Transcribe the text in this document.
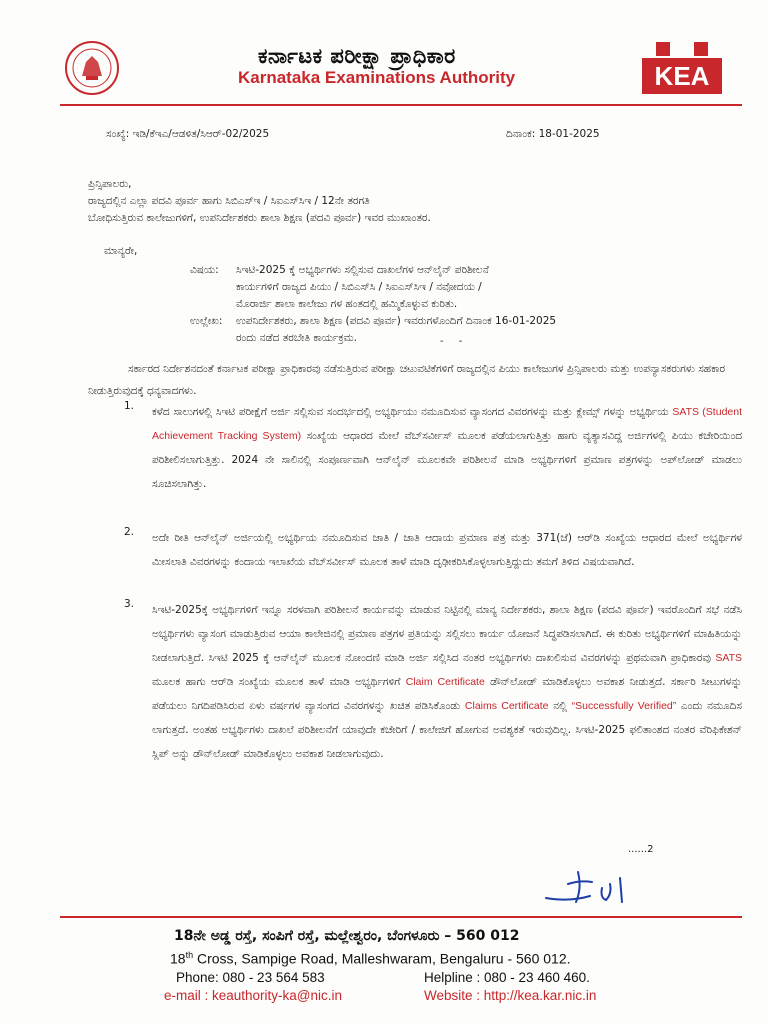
ಕರ್ನಾಟಕ ಪರೀಕ್ಷಾ ಪ್ರಾಧಿಕಾರ
Karnataka Examinations Authority	KEA
ಸಂಖ್ಯೆ: ಇಡಿ/ಕೆಇಎ/ಆಡಳಿತ/ಸಿಆರ್-02/2025	ದಿನಾಂಕ: 18-01-2025
ಪ್ರಿನ್ಸಿಪಾಲರು,
ರಾಜ್ಯದಲ್ಲಿನ ಎಲ್ಲಾ ಪದವಿ ಪೂರ್ವ ಹಾಗು ಸಿಬಿಎಸ್‌ಇ / ಸಿಐಎಸ್‌ಸಿಇ / 12ನೇ ತರಗತಿ
ಬೋಧಿಸುತ್ತಿರುವ ಕಾಲೇಜುಗಳಿಗೆ, ಉಪನಿರ್ದೇಶಕರು ಶಾಲಾ ಶಿಕ್ಷಣ (ಪದವಿ ಪೂರ್ವ) ಇವರ ಮುಖಾಂತರ.
ಮಾನ್ಯರೇ,
ವಿಷಯ: ಸಿಇಟಿ-2025 ಕ್ಕೆ ಅಭ್ಯರ್ಥಿಗಳು ಸಲ್ಲಿಸುವ ದಾಖಲೆಗಳ ಆನ್‌ಲೈನ್ ಪರಿಶೀಲನೆ
ಕಾರ್ಯಗಳಿಗೆ ರಾಜ್ಯದ ಪಿಯು / ಸಿಬಿಎಸ್‌ಸಿ / ಸಿಐಎಸ್‌ಸಿಇ / ನವೋದಯ /
ಮೊರಾರ್ಜಿ ಶಾಲಾ ಕಾಲೇಜು ಗಳ ಹಂತದಲ್ಲಿ ಹಮ್ಮಿಕೊಳ್ಳುವ ಕುರಿತು.
ಉಲ್ಲೇಖ: ಉಪನಿರ್ದೇಶಕರು, ಶಾಲಾ ಶಿಕ್ಷಣ (ಪದವಿ ಪೂರ್ವ) ಇವರುಗಳೊಂದಿಗೆ ದಿನಾಂಕ 16-01-2025
ರಂದು ನಡೆದ ತರಬೇತಿ ಕಾರ್ಯಕ್ರಮ.	- -
ಸರ್ಕಾರದ ನಿರ್ದೇಶನದಂತೆ ಕರ್ನಾಟಕ ಪರೀಕ್ಷಾ ಪ್ರಾಧಿಕಾರವು ನಡೆಸುತ್ತಿರುವ ಪರೀಕ್ಷಾ ಚಟುವಟಿಕೆಗಳಿಗೆ ರಾಜ್ಯದಲ್ಲಿನ ಪಿಯು ಕಾಲೇಜುಗಳ ಪ್ರಿನ್ಸಿಪಾಲರು ಮತ್ತು ಉಪನ್ಯಾಸಕರುಗಳು ಸಹಕಾರ ನೀಡುತ್ತಿರುವುದಕ್ಕೆ ಧನ್ಯವಾದಗಳು.
1. ಕಳೆದ ಸಾಲುಗಳಲ್ಲಿ ಸಿಇಟಿ ಪರೀಕ್ಷೆಗೆ ಅರ್ಜಿ ಸಲ್ಲಿಸುವ ಸಂದರ್ಭದಲ್ಲಿ ಅಭ್ಯರ್ಥಿಯು ನಮೂದಿಸುವ ವ್ಯಾಸಂಗದ ವಿವರಗಳನ್ನು ಮತ್ತು ಕ್ಲೇಮ್ಸ್ ಗಳನ್ನು ಅಭ್ಯರ್ಥಿಯ SATS (Student Achievement Tracking System) ಸಂಖ್ಯೆಯ ಆಧಾರದ ಮೇಲೆ ವೆಬ್‌ಸರ್ವೀಸ್ ಮೂಲಕ ಪಡೆಯಲಾಗುತ್ತಿತ್ತು ಹಾಗು ವ್ಯತ್ಯಾಸವಿದ್ದ ಅರ್ಜಿಗಳಲ್ಲಿ ಪಿಯು ಕಚೇರಿಯಿಂದ ಪರಿಶೀಲಿಸಲಾಗುತ್ತಿತ್ತು. 2024 ನೇ ಸಾಲಿನಲ್ಲಿ ಸಂಪೂರ್ಣವಾಗಿ ಆನ್‌ಲೈನ್ ಮೂಲಕವೇ ಪರಿಶೀಲನೆ ಮಾಡಿ ಅಭ್ಯರ್ಥಿಗಳಿಗೆ ಪ್ರಮಾಣ ಪತ್ರಗಳನ್ನು ಅಪ್‌ಲೋಡ್ ಮಾಡಲು ಸೂಚಿಸಲಾಗಿತ್ತು.
2. ಅದೇ ರೀತಿ ಆನ್‌ಲೈನ್ ಅರ್ಜಿಯಲ್ಲಿ ಅಭ್ಯರ್ಥಿಯ ನಮೂದಿಸುವ ಜಾತಿ / ಜಾತಿ ಆದಾಯ ಪ್ರಮಾಣ ಪತ್ರ ಮತ್ತು 371(ಜೆ) ಆರ್‌ಡಿ ಸಂಖ್ಯೆಯ ಆಧಾರದ ಮೇಲೆ ಅಭ್ಯರ್ಥಿಗಳ ಮೀಸಲಾತಿ ವಿವರಗಳನ್ನು ಕಂದಾಯ ಇಲಾಖೆಯ ವೆಬ್‌ಸರ್ವೀಸ್ ಮೂಲಕ ತಾಳೆ ಮಾಡಿ ದೃಢೀಕರಿಸಿಕೊಳ್ಳಲಾಗುತ್ತಿದ್ದುದು ತಮಗೆ ತಿಳಿದ ವಿಷಯವಾಗಿದೆ.
3. ಸಿಇಟಿ-2025ಕ್ಕೆ ಅಭ್ಯರ್ಥಿಗಳಿಗೆ ಇನ್ನೂ ಸರಳವಾಗಿ ಪರಿಶೀಲನೆ ಕಾರ್ಯವನ್ನು ಮಾಡುವ ನಿಟ್ಟಿನಲ್ಲಿ ಮಾನ್ಯ ನಿರ್ದೇಶಕರು, ಶಾಲಾ ಶಿಕ್ಷಣ (ಪದವಿ ಪೂರ್ವ) ಇವರೊಂದಿಗೆ ಸಭೆ ನಡೆಸಿ ಅಭ್ಯರ್ಥಿಗಳು ವ್ಯಾಸಂಗ ಮಾಡುತ್ತಿರುವ ಆಯಾ ಕಾಲೇಜಿನಲ್ಲಿ ಪ್ರಮಾಣ ಪತ್ರಗಳ ಪ್ರತಿಯನ್ನು ಸಲ್ಲಿಸಲು ಕಾರ್ಯ ಯೋಜನೆ ಸಿದ್ಧಪಡಿಸಲಾಗಿದೆ. ಈ ಕುರಿತು ಅಭ್ಯರ್ಥಿಗಳಿಗೆ ಮಾಹಿತಿಯನ್ನು ನೀಡಲಾಗುತ್ತಿದೆ. ಸಿಇಟಿ 2025 ಕ್ಕೆ ಆನ್‌ಲೈನ್ ಮೂಲಕ ನೋಂದಣಿ ಮಾಡಿ ಅರ್ಜಿ ಸಲ್ಲಿಸಿದ ನಂತರ ಅಭ್ಯರ್ಥಿಗಳು ದಾಖಲಿಸುವ ವಿವರಗಳನ್ನು ಪ್ರಥಮವಾಗಿ ಪ್ರಾಧಿಕಾರವು SATS ಮೂಲಕ ಹಾಗು ಆರ್‌ಡಿ ಸಂಖ್ಯೆಯ ಮೂಲಕ ತಾಳೆ ಮಾಡಿ ಅಭ್ಯರ್ಥಿಗಳಿಗೆ Claim Certificate ಡೌನ್‌ಲೋಡ್ ಮಾಡಿಕೊಳ್ಳಲು ಅವಕಾಶ ನೀಡುತ್ತದೆ. ಸರ್ಕಾರಿ ಸೀಟುಗಳನ್ನು ಪಡೆಯಲು ನಿಗದಿಪಡಿಸಿರುವ ಏಳು ವರ್ಷಗಳ ವ್ಯಾಸಂಗದ ವಿವರಗಳನ್ನು ಖಚಿತ ಪಡಿಸಿಕೊಂಡು Claims Certificate ನಲ್ಲಿ “Successfully Verified” ಎಂದು ನಮೂದಿಸ ಲಾಗುತ್ತದೆ. ಅಂತಹ ಅಭ್ಯರ್ಥಿಗಳು ದಾಖಲೆ ಪರಿಶೀಲನೆಗೆ ಯಾವುದೇ ಕಚೇರಿಗೆ / ಕಾಲೇಜಿಗೆ ಹೋಗುವ ಅವಶ್ಯಕತೆ ಇರುವುದಿಲ್ಲ. ಸಿಇಟಿ-2025 ಫಲಿತಾಂಶದ ನಂತರ ವೆರಿಫಿಕೇಶನ್ ಸ್ಲಿಪ್ ಅನ್ನು ಡೌನ್‌ಲೋಡ್ ಮಾಡಿಕೊಳ್ಳಲು ಅವಕಾಶ ನೀಡಲಾಗುವುದು.
......2
18ನೇ ಅಡ್ಡ ರಸ್ತೆ, ಸಂಪಿಗೆ ರಸ್ತೆ, ಮಲ್ಲೇಶ್ವರಂ, ಬೆಂಗಳೂರು – 560 012
18th Cross, Sampige Road, Malleshwaram, Bengaluru - 560 012.
Phone: 080 - 23 564 583	Helpline : 080 - 23 460 460.
e-mail : keauthority-ka@nic.in	Website : http://kea.kar.nic.in
